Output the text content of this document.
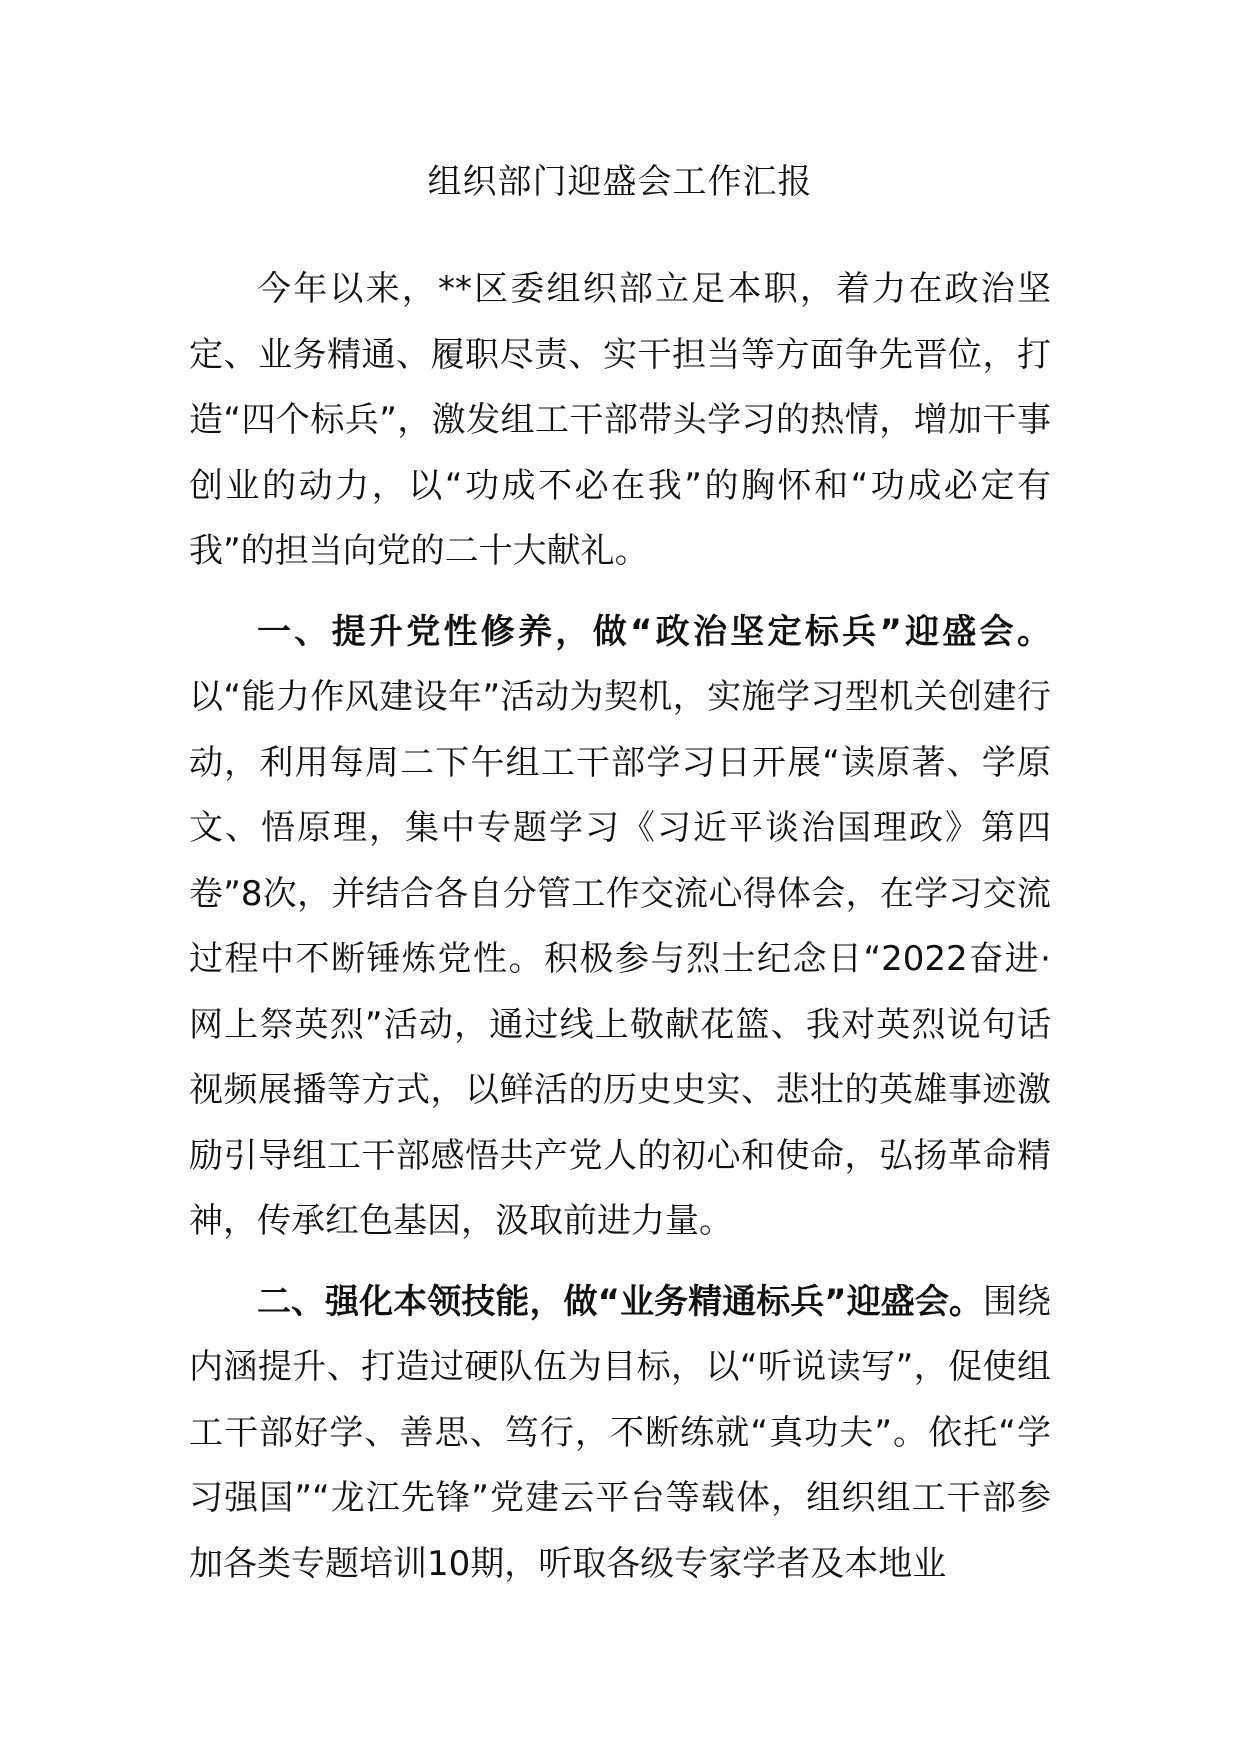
组织部门迎盛会工作汇报

今年以来，**区委组织部立足本职，着力在政治坚定、业务精通、履职尽责、实干担当等方面争先晋位，打造“四个标兵”，激发组工干部带头学习的热情，增加干事创业的动力，以“功成不必在我”的胸怀和“功成必定有我”的担当向党的二十大献礼。

一、提升党性修养，做“政治坚定标兵”迎盛会。以“能力作风建设年”活动为契机，实施学习型机关创建行动，利用每周二下午组工干部学习日开展“读原著、学原文、悟原理，集中专题学习《习近平谈治国理政》第四卷”8次，并结合各自分管工作交流心得体会，在学习交流过程中不断锤炼党性。积极参与烈士纪念日“2022奋进·网上祭英烈”活动，通过线上敬献花篮、我对英烈说句话视频展播等方式，以鲜活的历史史实、悲壮的英雄事迹激励引导组工干部感悟共产党人的初心和使命，弘扬革命精神，传承红色基因，汲取前进力量。

二、强化本领技能，做“业务精通标兵”迎盛会。围绕内涵提升、打造过硬队伍为目标，以“听说读写”，促使组工干部好学、善思、笃行，不断练就“真功夫”。依托“学习强国”“龙江先锋”党建云平台等载体，组织组工干部参加各类专题培训10期，听取各级专家学者及本地业
